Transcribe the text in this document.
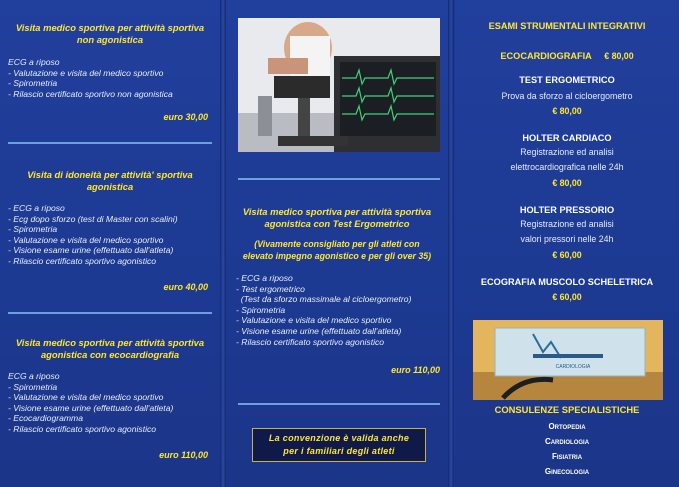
Visita medico sportiva per attività sportiva
non agonistica
ECG a riposo
- Valutazione e visita del medico sportivo
- Spirometria
- Rilascio certificato sportivo non agonistica
euro 30,00
Visita di idoneità per attività' sportiva
agonistica
- ECG a riposo
- Ecg dopo sforzo (test di Master con scalini)
- Spirometria
- Valutazione e visita del medico sportivo
- Visione esame urine (effettuato dall'atleta)
- Rilascio certificato sportivo agonistico
euro 40,00
Visita medico sportiva per attività sportiva
agonistica con ecocardiografia
ECG a riposo
- Spirometria
- Valutazione e visita del medico sportivo
- Visione esame urine (effettuato dall'atleta)
- Ecocardiogramma
- Rilascio certificato sportivo agonistico
euro 110,00
Visita medico sportiva per attività sportiva
agonistica con Test Ergometrico
(Vivamente consigliato per gli atleti con
elevato impegno agonistico e per gli over 35)
- ECG a riposo
- Test ergometrico
(Test da sforzo massimale al cicloergometro)
- Spirometria
- Valutazione e visita del medico sportivo
- Visione esame urine (effettuato dall'atleta)
- Rilascio certificato sportivo agonistico
euro 110,00
La convenzione è valida anche
per i familiari degli atleti
ESAMI STRUMENTALI INTEGRATIVI
ECOCARDIOGRAFIA € 80,00
TEST ERGOMETRICO
Prova da sforzo al cicloergometro
€ 80,00
HOLTER CARDIACO
Registrazione ed analisi
elettrocardiografica nelle 24h
€ 80,00
HOLTER PRESSORIO
Registrazione ed analisi
valori pressori nelle 24h
€ 60,00
ECOGRAFIA MUSCOLO SCHELETRICA
€ 60,00
CARDIOLOGIA
CONSULENZE SPECIALISTICHE
Ortopedia
Cardiologia
Fisiatria
Ginecologia
